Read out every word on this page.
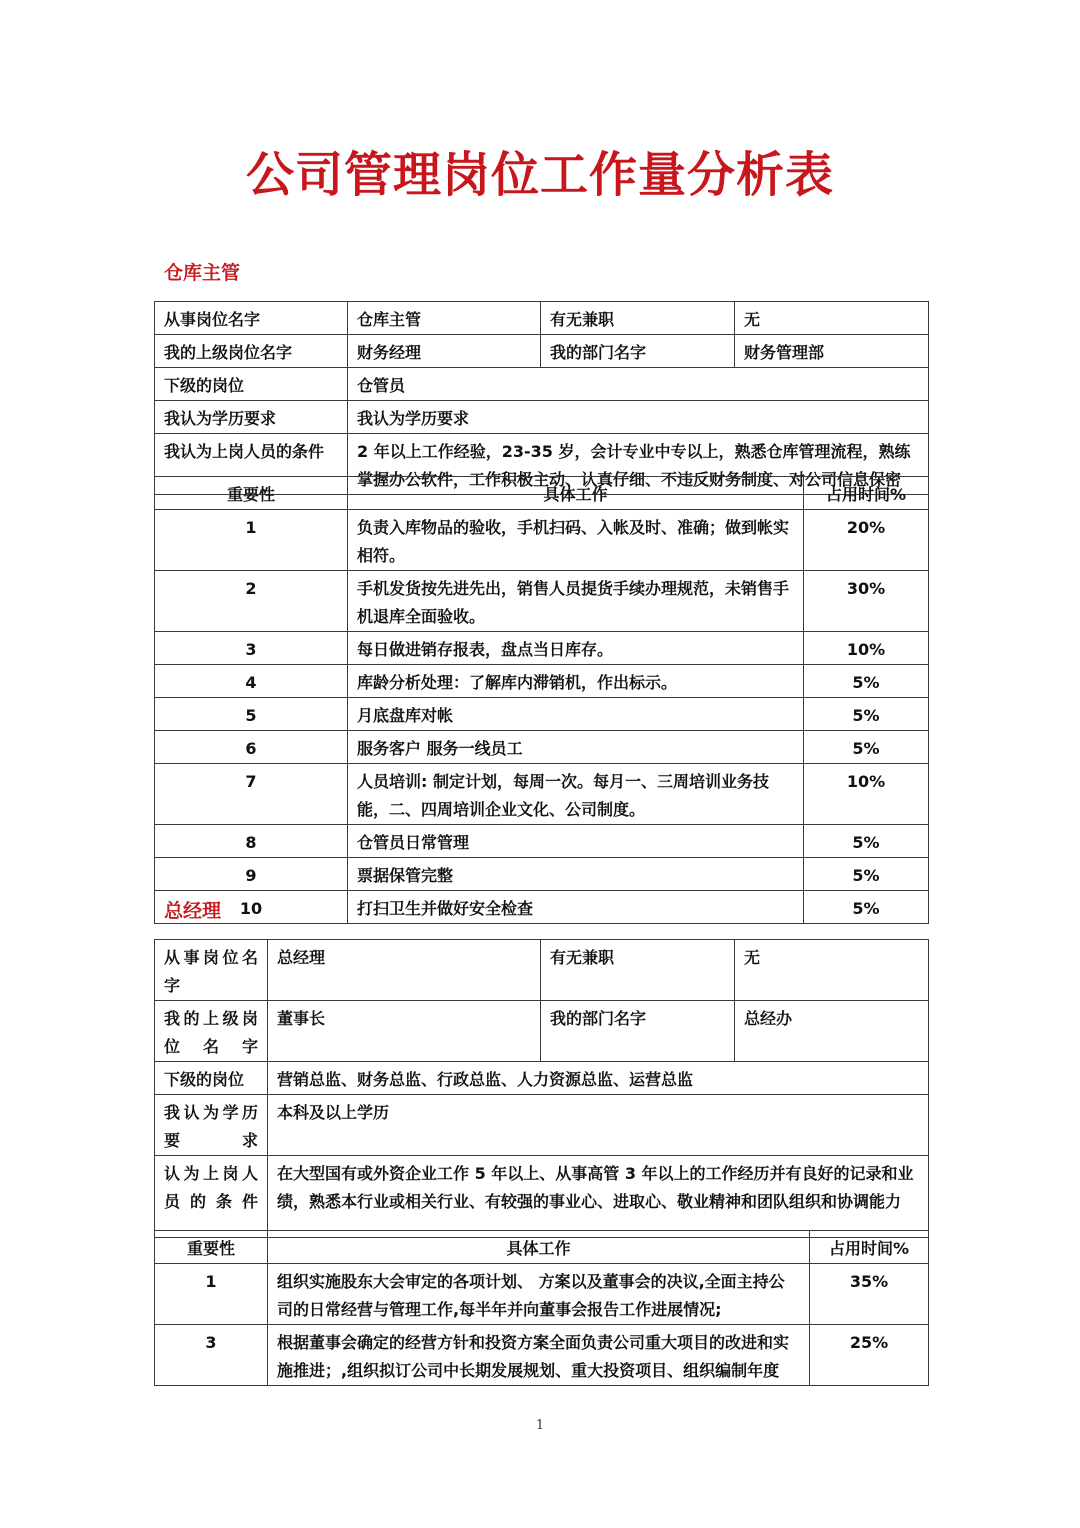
公司管理岗位工作量分析表
仓库主管
从事岗位名字	仓库主管	有无兼职	无
我的上级岗位名字	财务经理	我的部门名字	财务管理部
下级的岗位	仓管员		
我认为学历要求	我认为学历要求		
我认为上岗人员的条件	2 年以上工作经验，23-35 岁，会计专业中专以上，熟悉仓库管理流程，熟练掌握办公软件，工作积极主动、认真仔细、不违反财务制度、对公司信息保密		
重要性	具体工作	占用时间%
1	负责入库物品的验收，手机扫码、入帐及时、准确；做到帐实相符。	20%
2	手机发货按先进先出，销售人员提货手续办理规范，未销售手机退库全面验收。	30%
3	每日做进销存报表，盘点当日库存。	10%
4	库龄分析处理：了解库内滞销机，作出标示。	5%
5	月底盘库对帐	5%
6	服务客户 服务一线员工	5%
7	人员培训: 制定计划，每周一次。每月一、三周培训业务技能，二、四周培训企业文化、公司制度。	10%
8	仓管员日常管理	5%
9	票据保管完整	5%
10	打扫卫生并做好安全检查	5%
总经理
从事岗位名字	总经理	有无兼职	无
我的上级岗位名字	董事长	我的部门名字	总经办
下级的岗位	营销总监、财务总监、行政总监、人力资源总监、运营总监		
我认为学历要求	本科及以上学历		
认为上岗人员的条件	在大型国有或外资企业工作 5 年以上、从事高管 3 年以上的工作经历并有良好的记录和业绩，熟悉本行业或相关行业、有较强的事业心、进取心、敬业精神和团队组织和协调能力		
重要性	具体工作	占用时间%
1	组织实施股东大会审定的各项计划、 方案以及董事会的决议,全面主持公司的日常经营与管理工作,每半年并向董事会报告工作进展情况;	35%
3	根据董事会确定的经营方针和投资方案全面负责公司重大项目的改进和实施推进；,组织拟订公司中长期发展规划、重大投资项目、组织编制年度	25%
1
